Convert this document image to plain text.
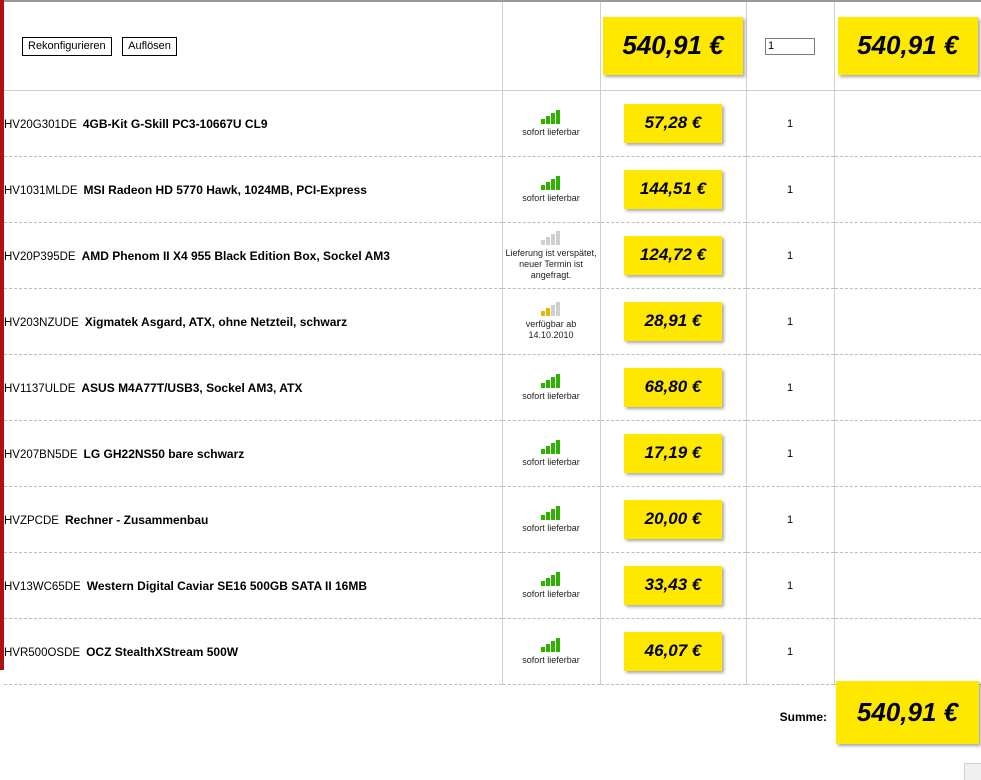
Rekonfigurieren Auflösen		540,91 €	1	540,91 €
HV20G301DE 4GB-Kit G-Skill PC3-10667U CL9	sofort lieferbar	57,28 €	1	
HV1031MLDE MSI Radeon HD 5770 Hawk, 1024MB, PCI-Express	sofort lieferbar	144,51 €	1	
HV20P395DE AMD Phenom II X4 955 Black Edition Box, Sockel AM3	Lieferung ist verspätet, neuer Termin ist angefragt.	124,72 €	1	
HV203NZUDE Xigmatek Asgard, ATX, ohne Netzteil, schwarz	verfügbar ab 14.10.2010	28,91 €	1	
HV1137ULDE ASUS M4A77T/USB3, Sockel AM3, ATX	sofort lieferbar	68,80 €	1	
HV207BN5DE LG GH22NS50 bare schwarz	sofort lieferbar	17,19 €	1	
HVZPCDE Rechner - Zusammenbau	sofort lieferbar	20,00 €	1	
HV13WC65DE Western Digital Caviar SE16 500GB SATA II 16MB	sofort lieferbar	33,43 €	1	
HVR500OSDE OCZ StealthXStream 500W	sofort lieferbar	46,07 €	1	
Summe:	540,91 €
